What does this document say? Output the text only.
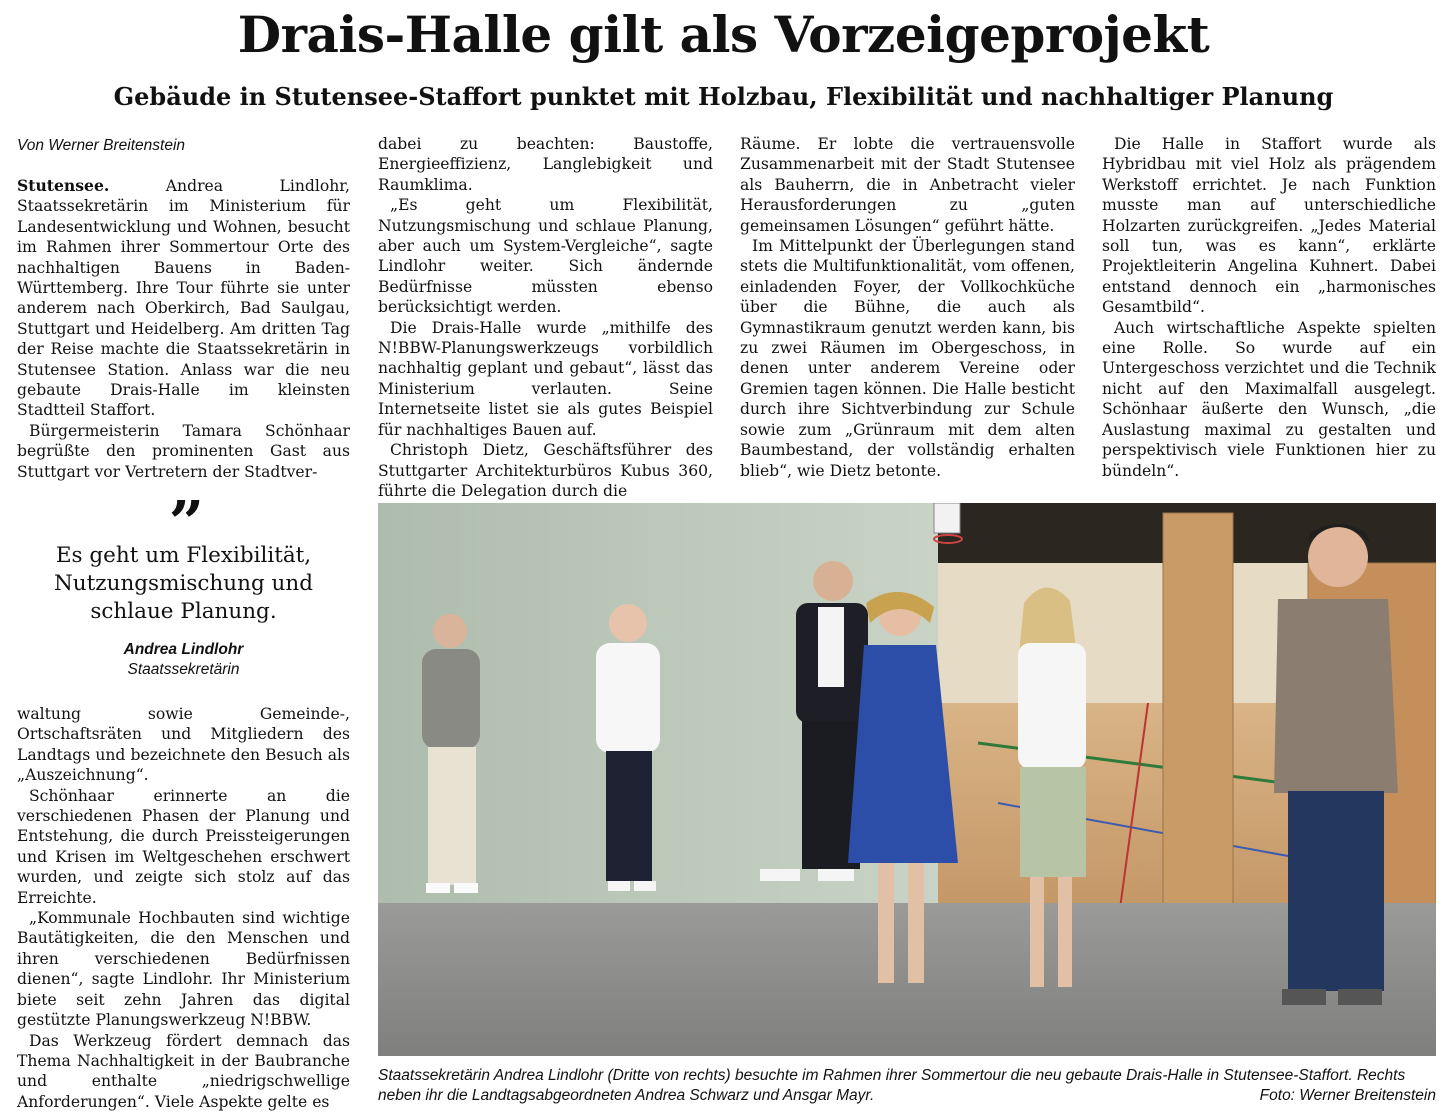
Drais-Halle gilt als Vorzeigeprojekt
Gebäude in Stutensee-Staffort punktet mit Holzbau, Flexibilität und nachhaltiger Planung
Von Werner Breitenstein

Stutensee.	Andrea Lindlohr, Staatssekretärin im Ministerium für Landesentwicklung und Wohnen, besucht im Rahmen ihrer Sommertour Orte des nachhaltigen Bauens in Baden-Württemberg. Ihre Tour führte sie unter anderem nach Oberkirch, Bad Saulgau, Stuttgart und Heidelberg. Am dritten Tag der Reise machte die Staatssekretärin in Stutensee Station. Anlass war die neu gebaute Drais-Halle im kleinsten Stadtteil Staffort.

Bürgermeisterin Tamara Schönhaar begrüßte den prominenten Gast aus Stuttgart vor Vertretern der Stadtver-

”
Es geht um Flexibilität, Nutzungsmischung und schlaue Planung.
Andrea Lindlohr
Staatssekretärin

waltung sowie Gemeinde-, Ortschaftsräten und Mitgliedern des Landtags und bezeichnete den Besuch als „Auszeichnung“.

Schönhaar erinnerte an die verschiedenen Phasen der Planung und Entstehung, die durch Preissteigerungen und Krisen im Weltgeschehen erschwert wurden, und zeigte sich stolz auf das Erreichte.

„Kommunale Hochbauten sind wichtige Bautätigkeiten, die den Menschen und ihren verschiedenen Bedürfnissen dienen“, sagte Lindlohr. Ihr Ministerium biete seit zehn Jahren das digital gestützte Planungswerkzeug N!BBW.

Das Werkzeug fördert demnach das Thema Nachhaltigkeit in der Baubranche und enthalte „niedrigschwellige Anforderungen“. Viele Aspekte gelte es

dabei zu beachten: Baustoffe, Energieeffizienz, Langlebigkeit und Raumklima.

„Es geht um Flexibilität, Nutzungsmischung und schlaue Planung, aber auch um System-Vergleiche“, sagte Lindlohr weiter. Sich ändernde Bedürfnisse müssten ebenso berücksichtigt werden.

Die Drais-Halle wurde „mithilfe des N!BBW-Planungswerkzeugs vorbildlich nachhaltig geplant und gebaut“, lässt das Ministerium verlauten. Seine Internetseite listet sie als gutes Beispiel für nachhaltiges Bauen auf.

Christoph Dietz, Geschäftsführer des Stuttgarter Architekturbüros Kubus 360, führte die Delegation durch die

Räume. Er lobte die vertrauensvolle Zusammenarbeit mit der Stadt Stutensee als Bauherrn, die in Anbetracht vieler Herausforderungen zu „guten gemeinsamen Lösungen“ geführt hätte.

Im Mittelpunkt der Überlegungen stand stets die Multifunktionalität, vom offenen, einladenden Foyer, der Vollkochküche über die Bühne, die auch als Gymnastikraum genutzt werden kann, bis zu zwei Räumen im Obergeschoss, in denen unter anderem Vereine oder Gremien tagen können. Die Halle besticht durch ihre Sichtverbindung zur Schule sowie zum „Grünraum mit dem alten Baumbestand, der vollständig erhalten blieb“, wie Dietz betonte.

Die Halle in Staffort wurde als Hybridbau mit viel Holz als prägendem Werkstoff errichtet. Je nach Funktion musste man auf unterschiedliche Holzarten zurückgreifen. „Jedes Material soll tun, was es kann“, erklärte Projektleiterin Angelina Kuhnert. Dabei entstand dennoch ein „harmonisches Gesamtbild“.

Auch wirtschaftliche Aspekte spielten eine Rolle. So wurde auf ein Untergeschoss verzichtet und die Technik nicht auf den Maximalfall ausgelegt. Schönhaar äußerte den Wunsch, „die Auslastung maximal zu gestalten und perspektivisch viele Funktionen hier zu bündeln“.

Staatssekretärin Andrea Lindlohr (Dritte von rechts) besuchte im Rahmen ihrer Sommertour die neu gebaute Drais-Halle in Stutensee-Staffort. Rechts neben ihr die Landtagsabgeordneten Andrea Schwarz und Ansgar Mayr.	Foto: Werner Breitenstein
